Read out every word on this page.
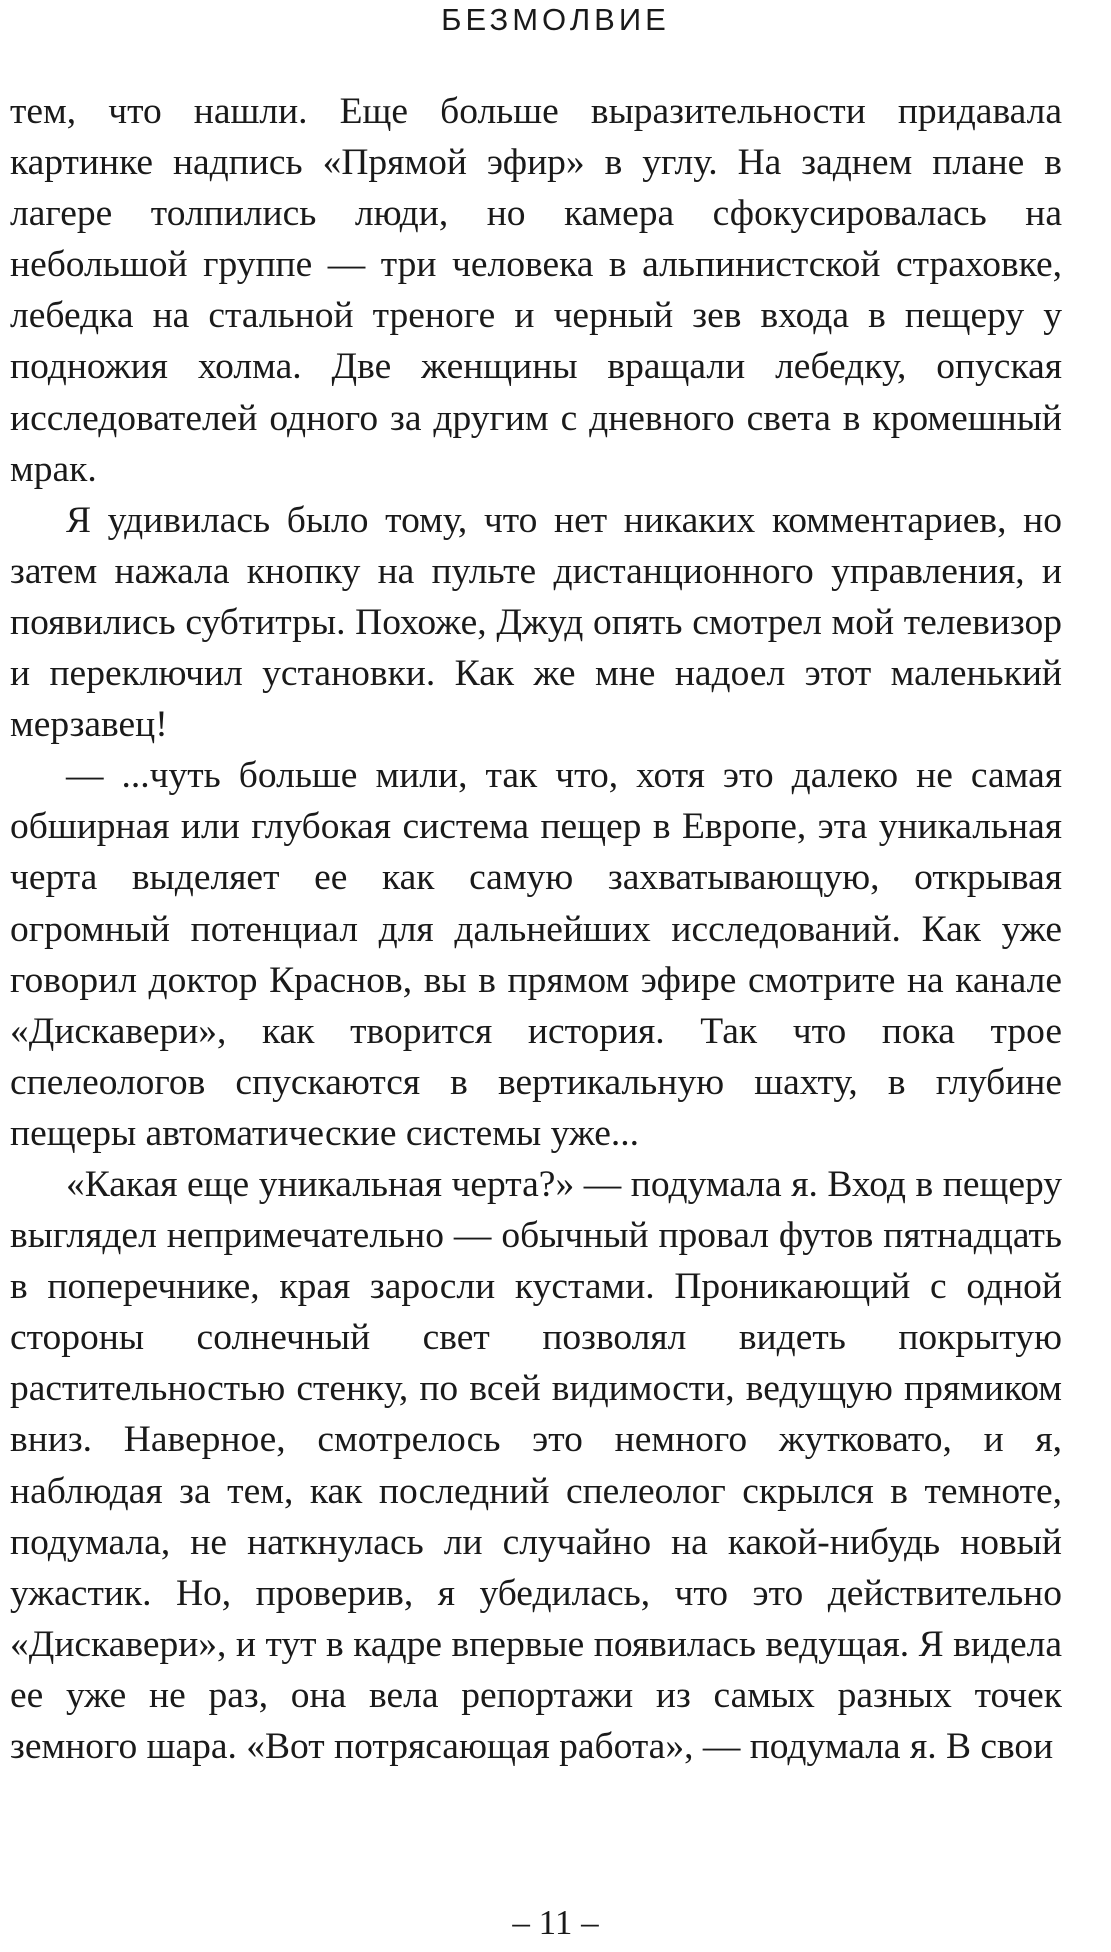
БЕЗМОЛВИЕ

тем, что нашли. Еще больше выразительности придавала картинке надпись «Прямой эфир» в углу. На заднем плане в лагере толпились люди, но камера сфокусировалась на небольшой группе — три человека в альпинистской страховке, лебедка на стальной треноге и черный зев входа в пещеру у подножия холма. Две женщины вращали лебедку, опуская исследователей одного за другим с дневного света в кромешный мрак.

Я удивилась было тому, что нет никаких комментариев, но затем нажала кнопку на пульте дистанционного управления, и появились субтитры. Похоже, Джуд опять смотрел мой телевизор и переключил установки. Как же мне надоел этот маленький мерзавец!

— ...чуть больше мили, так что, хотя это далеко не самая обширная или глубокая система пещер в Европе, эта уникальная черта выделяет ее как самую захватывающую, открывая огромный потенциал для дальнейших исследований. Как уже говорил доктор Краснов, вы в прямом эфире смотрите на канале «Дискавери», как творится история. Так что пока трое спелеологов спускаются в вертикальную шахту, в глубине пещеры автоматические системы уже...

«Какая еще уникальная черта?» — подумала я. Вход в пещеру выглядел непримечательно — обычный провал футов пятнадцать в поперечнике, края заросли кустами. Проникающий с одной стороны солнечный свет позволял видеть покрытую растительностью стенку, по всей видимости, ведущую прямиком вниз. Наверное, смотрелось это немного жутковато, и я, наблюдая за тем, как последний спелеолог скрылся в темноте, подумала, не наткнулась ли случайно на какой-нибудь новый ужастик. Но, проверив, я убедилась, что это действительно «Дискавери», и тут в кадре впервые появилась ведущая. Я видела ее уже не раз, она вела репортажи из самых разных точек земного шара. «Вот потрясающая работа», — подумала я. В свои

– 11 –
